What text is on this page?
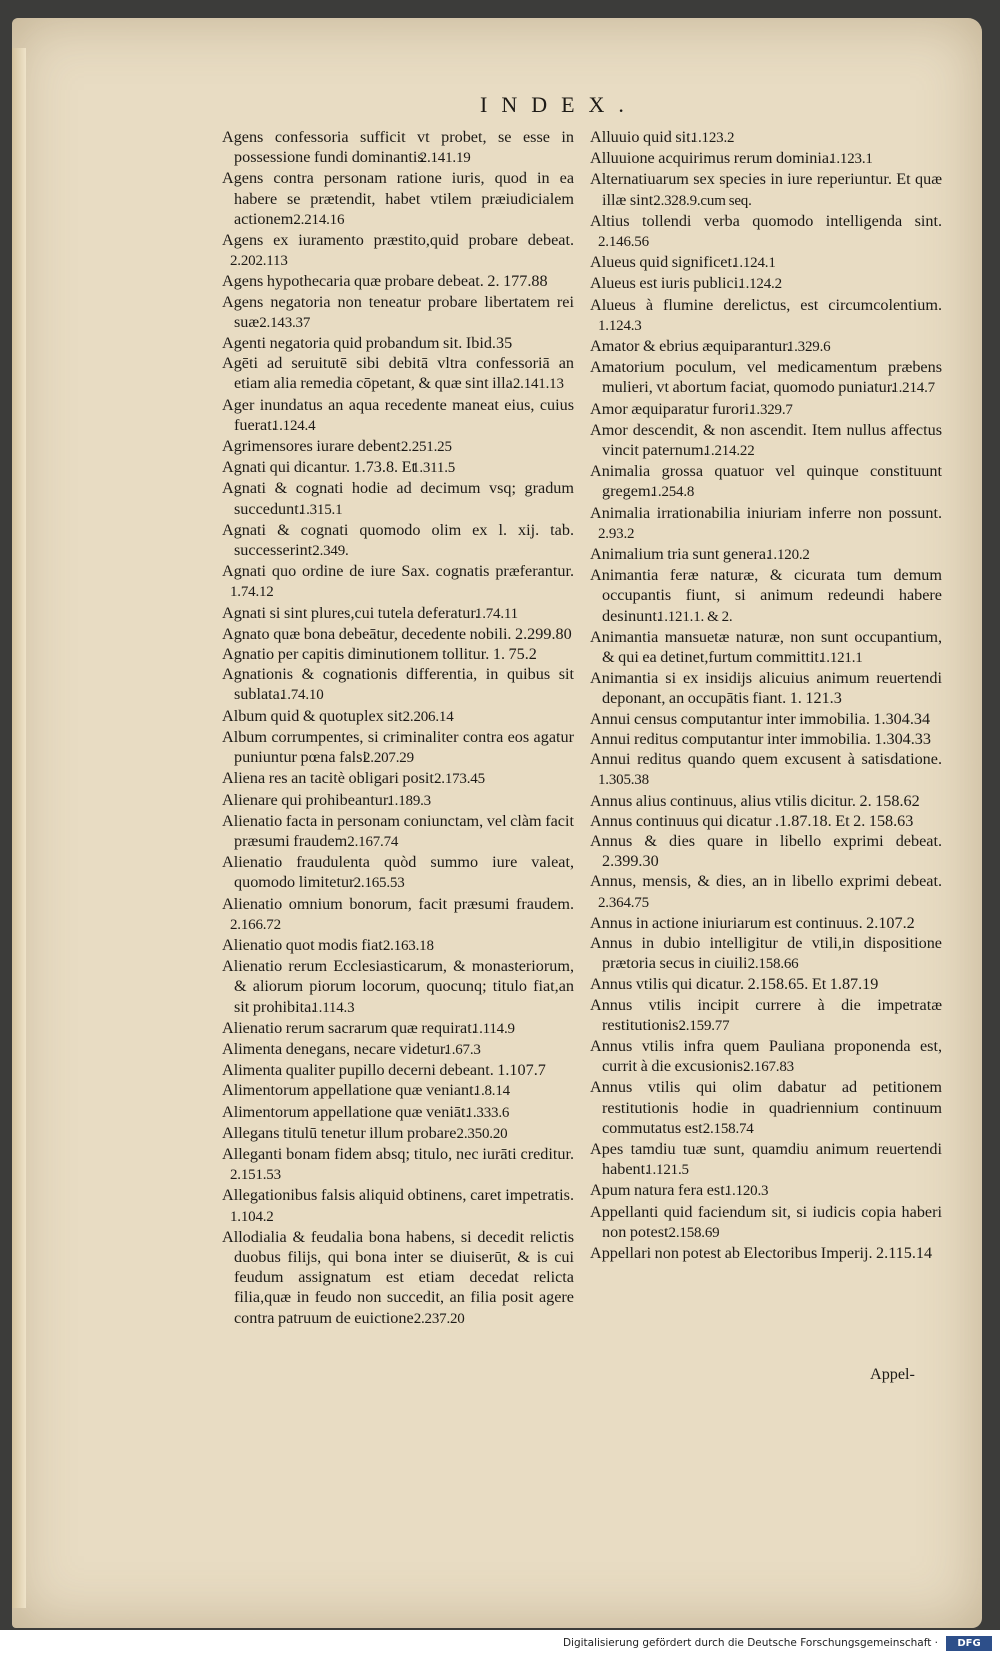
INDEX.
Agens confessoria sufficit vt probet, se esse in possessione fundi dominantis2.141.19
Agens contra personam ratione iuris, quod in ea habere se prætendit, habet vtilem præiudicialem actionem.2.214.16
Agens ex iuramento præstito,quid probare debeat.2.202.113
Agens hypothecaria quæ probare debeat. 2. 177.88
Agens negatoria non teneatur probare libertatem rei suæ.2.143.37
Agenti negatoria quid probandum sit. Ibid.35
Agēti ad seruitutē sibi debitā vltra confessoriā an etiam alia remedia cōpetant, & quæ sint illa.2.141.13
Ager inundatus an aqua recedente maneat eius, cuius fuerat.1.124.4
Agrimensores iurare debent.2.251.25
Agnati qui dicantur. 1.73.8. Et1.311.5
Agnati & cognati hodie ad decimum vsq; gradum succedunt.1.315.1
Agnati & cognati quomodo olim ex l. xij. tab. successerint.2.349.
Agnati quo ordine de iure Sax. cognatis præferantur.1.74.12
Agnati si sint plures,cui tutela deferatur.1.74.11
Agnato quæ bona debeātur, decedente nobili. 2.299.80
Agnatio per capitis diminutionem tollitur. 1. 75.2
Agnationis & cognationis differentia, in quibus sit sublata.1.74.10
Album quid & quotuplex sit.2.206.14
Album corrumpentes, si criminaliter contra eos agatur puniuntur pœna falsi2.207.29
Aliena res an tacitè obligari posit.2.173.45
Alienare qui prohibeantur.1.189.3
Alienatio facta in personam coniunctam, vel clàm facit præsumi fraudem.2.167.74
Alienatio fraudulenta quòd summo iure valeat, quomodo limitetur.2.165.53
Alienatio omnium bonorum, facit præsumi fraudem.2.166.72
Alienatio quot modis fiat.2.163.18
Alienatio rerum Ecclesiasticarum, & monasteriorum, & aliorum piorum locorum, quocunq; titulo fiat,an sit prohibita.1.114.3
Alienatio rerum sacrarum quæ requirat.1.114.9
Alimenta denegans, necare videtur.1.67.3
Alimenta qualiter pupillo decerni debeant. 1.107.7
Alimentorum appellatione quæ veniant.1.8.14
Alimentorum appellatione quæ veniāt.1.333.6
Allegans titulū tenetur illum probare.2.350.20
Alleganti bonam fidem absq; titulo, nec iurāti creditur.2.151.53
Allegationibus falsis aliquid obtinens, caret impetratis.1.104.2
Allodialia & feudalia bona habens, si decedit relictis duobus filijs, qui bona inter se diuiserūt, & is cui feudum assignatum est etiam decedat relicta filia,quæ in feudo non succedit, an filia posit agere contra patruum de euictione.2.237.20
Alluuio quid sit.1.123.2
Alluuione acquirimus rerum dominia.1.123.1
Alternatiuarum sex species in iure reperiuntur. Et quæ illæ sint.2.328.9.cum seq.
Altius tollendi verba quomodo intelligenda sint.2.146.56
Alueus quid significet.1.124.1
Alueus est iuris publici.1.124.2
Alueus à flumine derelictus, est circumcolentium.1.124.3
Amator & ebrius æquiparantur.1.329.6
Amatorium poculum, vel medicamentum præbens mulieri, vt abortum faciat, quomodo puniatur.1.214.7
Amor æquiparatur furori.1.329.7
Amor descendit, & non ascendit. Item nullus affectus vincit paternum.1.214.22
Animalia grossa quatuor vel quinque constituunt gregem.1.254.8
Animalia irrationabilia iniuriam inferre non possunt.2.93.2
Animalium tria sunt genera.1.120.2
Animantia feræ naturæ, & cicurata tum demum occupantis fiunt, si animum redeundi habere desinunt.1.121.1. & 2.
Animantia mansuetæ naturæ, non sunt occupantium, & qui ea detinet,furtum committit.1.121.1
Animantia si ex insidijs alicuius animum reuertendi deponant, an occupātis fiant. 1. 121.3
Annui census computantur inter immobilia. 1.304.34
Annui reditus computantur inter immobilia. 1.304.33
Annui reditus quando quem excusent à satisdatione.1.305.38
Annus alius continuus, alius vtilis dicitur. 2. 158.62
Annus continuus qui dicatur .1.87.18. Et 2. 158.63
Annus & dies quare in libello exprimi debeat. 2.399.30
Annus, mensis, & dies, an in libello exprimi debeat.2.364.75
Annus in actione iniuriarum est continuus. 2.107.2
Annus in dubio intelligitur de vtili,in dispositione prætoria secus in ciuili.2.158.66
Annus vtilis qui dicatur. 2.158.65. Et 1.87.19
Annus vtilis incipit currere à die impetratæ restitutionis.2.159.77
Annus vtilis infra quem Pauliana proponenda est, currit à die excusionis.2.167.83
Annus vtilis qui olim dabatur ad petitionem restitutionis hodie in quadriennium continuum commutatus est.2.158.74
Apes tamdiu tuæ sunt, quamdiu animum reuertendi habent.1.121.5
Apum natura fera est.1.120.3
Appellanti quid faciendum sit, si iudicis copia haberi non potest.2.158.69
Appellari non potest ab Electoribus Imperij. 2.115.14
Appel-
Digitalisierung gefördert durch die Deutsche Forschungsgemeinschaft ·	DFG
